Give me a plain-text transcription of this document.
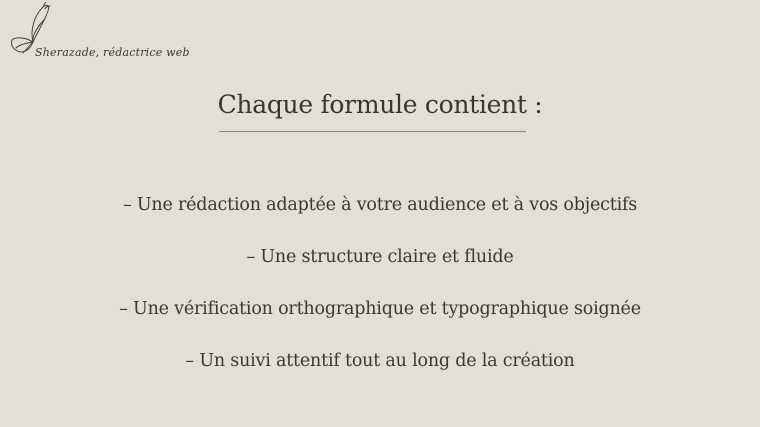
Sherazade, rédactrice web
Chaque formule contient :
– Une rédaction adaptée à votre audience et à vos objectifs
– Une structure claire et fluide
– Une vérification orthographique et typographique soignée
– Un suivi attentif tout au long de la création
